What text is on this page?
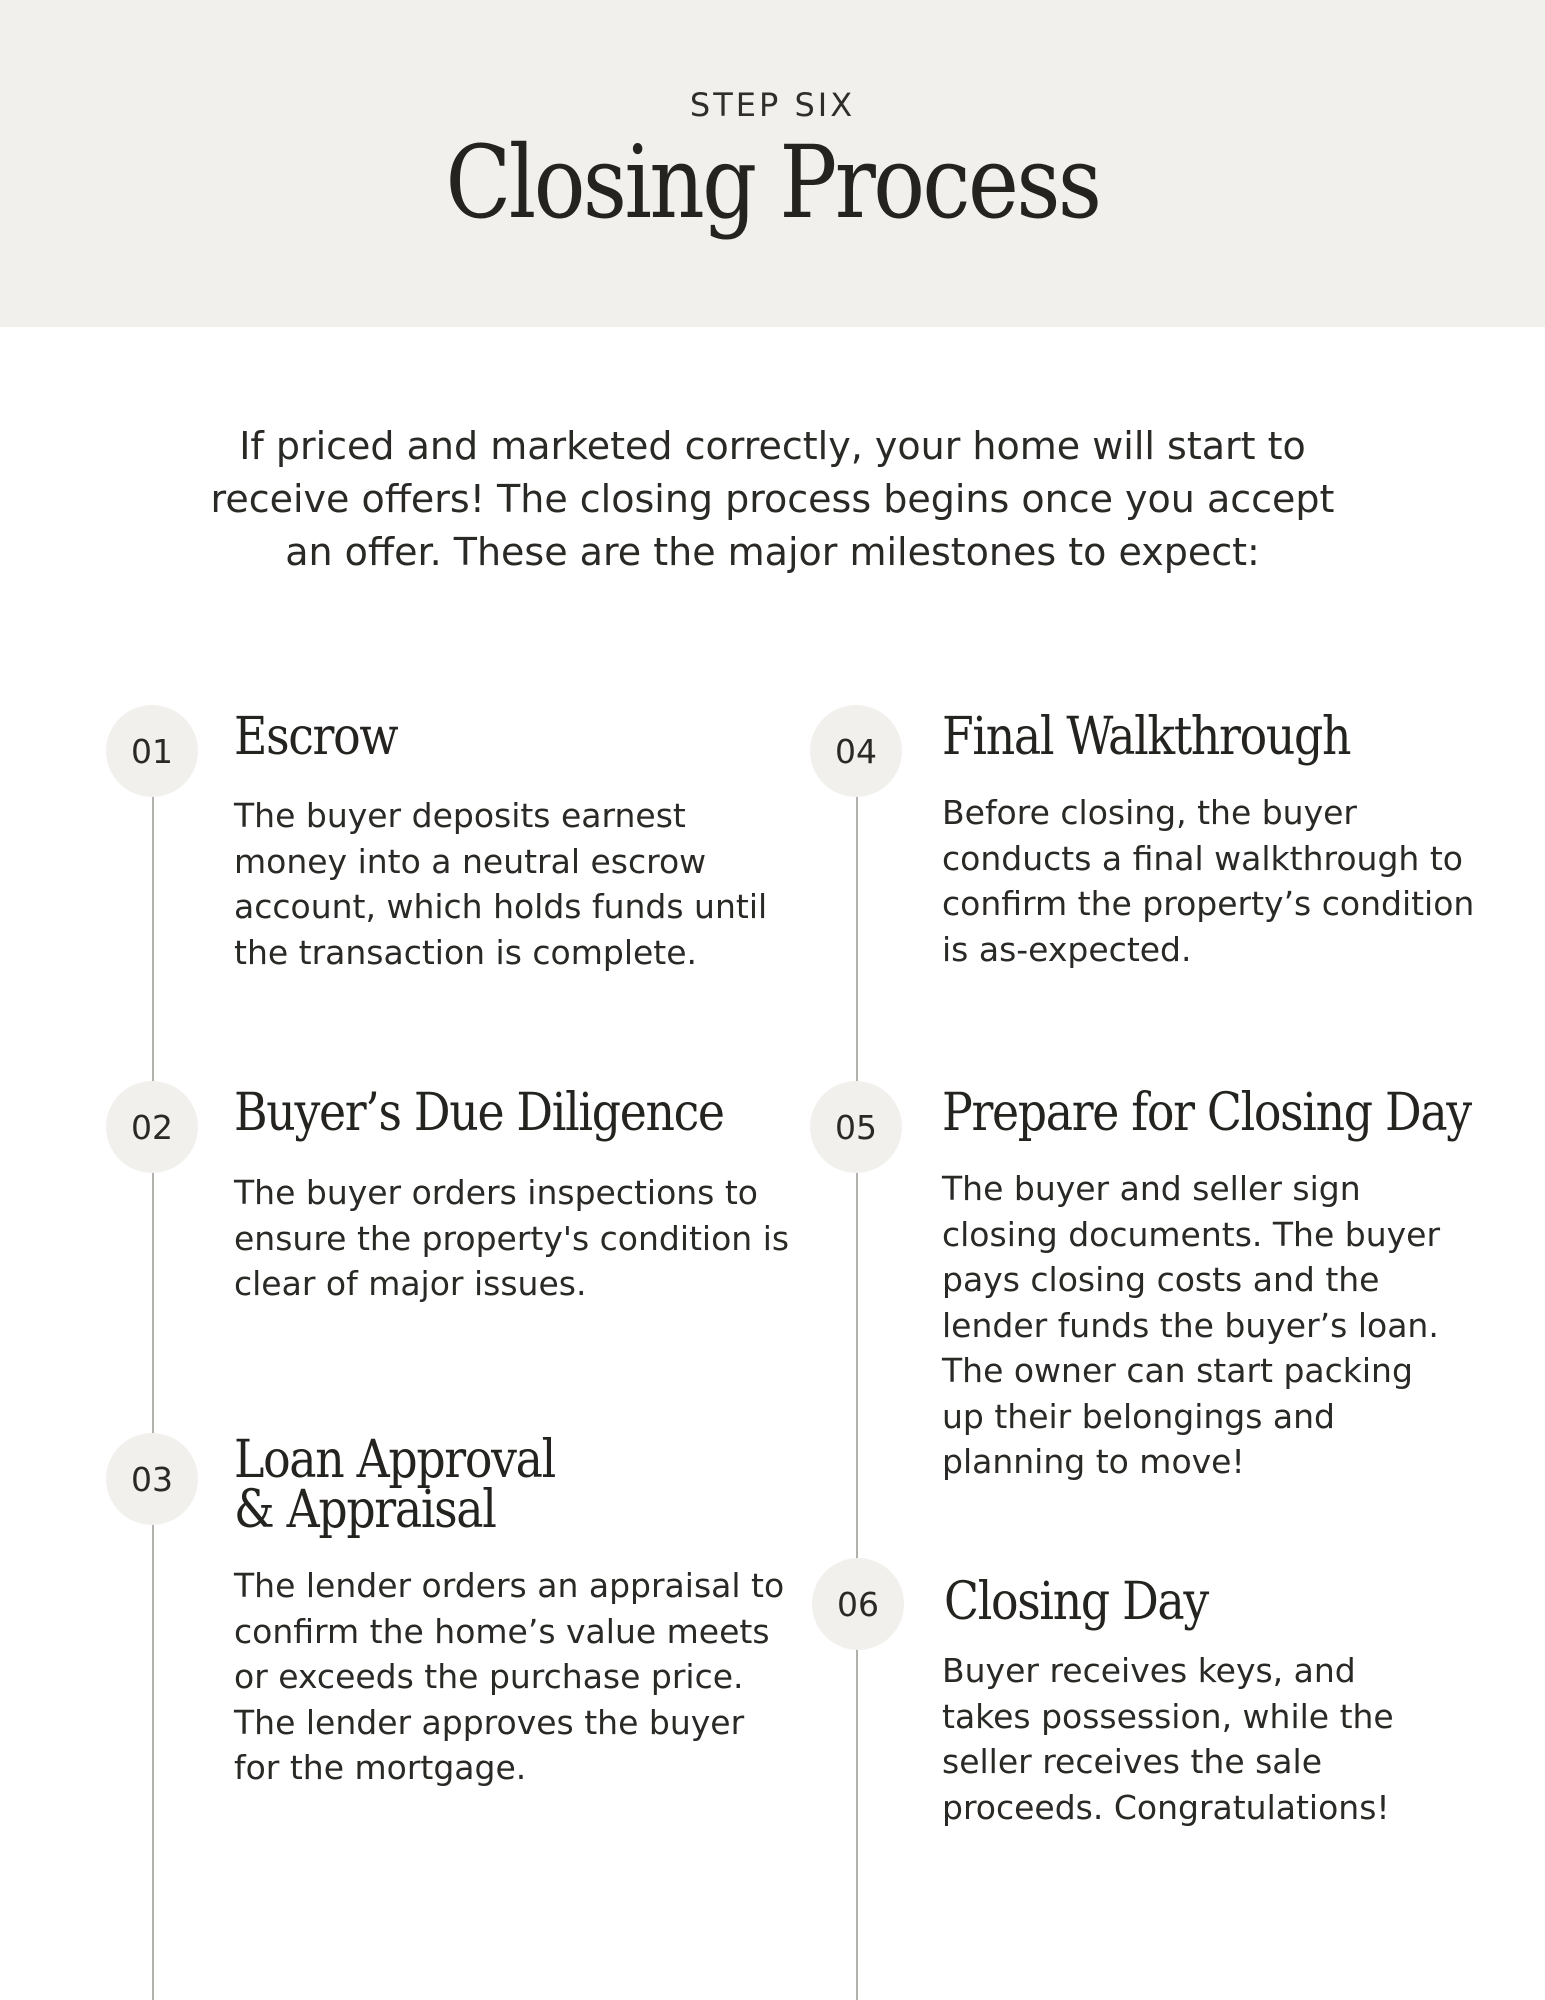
STEP SIX
Closing Process
If priced and marketed correctly, your home will start to receive offers! The closing process begins once you accept an offer. These are the major milestones to expect:
01	Escrow
The buyer deposits earnest money into a neutral escrow account, which holds funds until the transaction is complete.
02	Buyer’s Due Diligence
The buyer orders inspections to ensure the property's condition is clear of major issues.
03	Loan Approval
& Appraisal
The lender orders an appraisal to confirm the home’s value meets or exceeds the purchase price. The lender approves the buyer for the mortgage.
04	Final Walkthrough
Before closing, the buyer conducts a final walkthrough to confirm the property’s condition is as-expected.
05	Prepare for Closing Day
The buyer and seller sign closing documents. The buyer pays closing costs and the lender funds the buyer’s loan. The owner can start packing up their belongings and planning to move!
06	Closing Day
Buyer receives keys, and takes possession, while the seller receives the sale proceeds. Congratulations!
